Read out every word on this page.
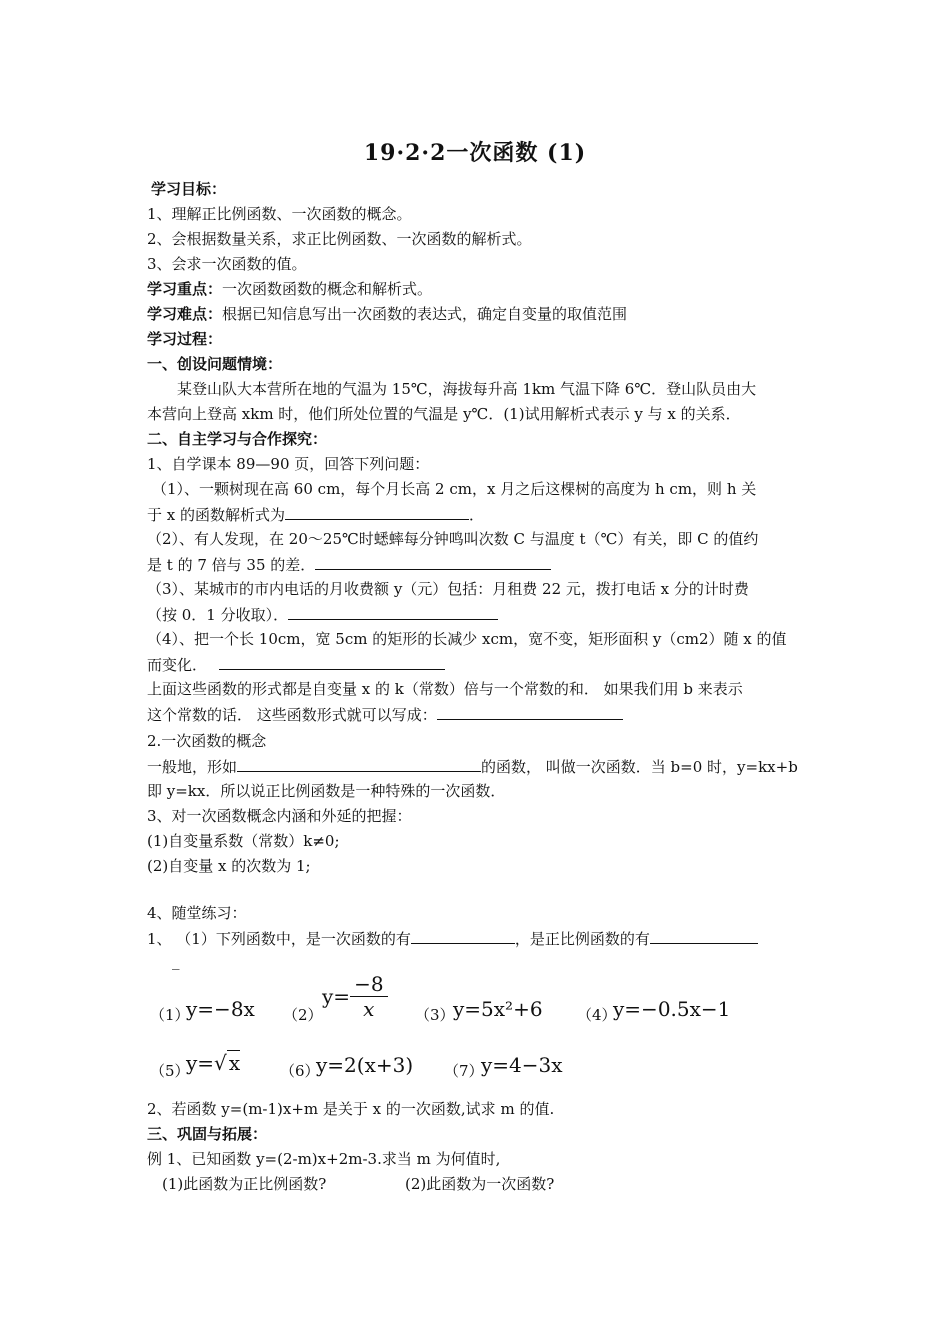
19·2·2一次函数 (1)
学习目标：
1、理解正比例函数、一次函数的概念。
2、会根据数量关系，求正比例函数、一次函数的解析式。
3、会求一次函数的值。
学习重点：一次函数函数的概念和解析式。
学习难点：根据已知信息写出一次函数的表达式，确定自变量的取值范围
学习过程：
一、创设问题情境：
某登山队大本营所在地的气温为 15℃，海拔每升高 1km 气温下降 6℃．登山队员由大
本营向上登高 xkm 时，他们所处位置的气温是 y℃．(1)试用解析式表示 y 与 x 的关系．
二、自主学习与合作探究：
1、自学课本 89—90 页，回答下列问题：
（1）、一颗树现在高 60 cm，每个月长高 2 cm，x 月之后这棵树的高度为 h cm，则 h 关
于 x 的函数解析式为	．
（2）、有人发现，在 20～25℃时蟋蟀每分钟鸣叫次数 C 与温度 t（℃）有关，即 C 的值约
是 t 的 7 倍与 35 的差．
（3）、某城市的市内电话的月收费额 y（元）包括：月租费 22 元，拨打电话 x 分的计时费
（按 0．1 分收取）．
（4）、把一个长 10cm，宽 5cm 的矩形的长减少 xcm，宽不变，矩形面积 y（cm2）随 x 的值
而变化．
上面这些函数的形式都是自变量 x 的 k（常数）倍与一个常数的和． 如果我们用 b 来表示
这个常数的话． 这些函数形式就可以写成：
2.一次函数的概念
一般地，形如	的函数， 叫做一次函数．当 b=0 时，y=kx+b
即 y=kx．所以说正比例函数是一种特殊的一次函数．
3、对一次函数概念内涵和外延的把握：
(1)自变量系数（常数）k≠0;
(2)自变量 x 的次数为 1;
4、随堂练习：
1、 （1）下列函数中，是一次函数的有	，是正比例函数的有
_
（1）
y=−8x （2）
$y= \frac{-8}{x} (3)$
y=5x²+6 （4）
y=−0.5x−1
（5）
y=√ x	（6）
y=2(x+3) （7）
y=4−3x
2、若函数 y=(m-1)x+m 是关于 x 的一次函数,试求 m 的值.
三、巩固与拓展：
例 1、已知函数 y=(2-m)x+2m-3.求当 m 为何值时,
(1)此函数为正比例函数?	(2)此函数为一次函数?
